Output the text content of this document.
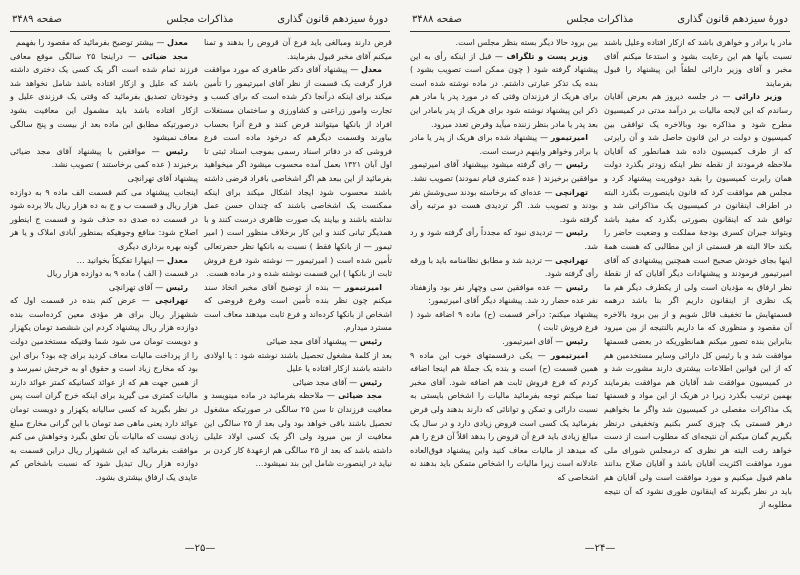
دورهٔ سیزدهم قانون گذاری
مذاکرات مجلس
صفحه ۳۴۸۹

قرض دارند ومبالغی باید فرع آن قروض را بدهند و تمنا میکنم آقای مخبر قبول بفرمایند.

معدل — پیشنهاد آقای دکتر طاهری که مورد موافقت قرار گرفت یک قسمت از نظر آقای امیرتیمور را تأمین میکند برای اینکه درآنجا ذکر شده است که برای کسب و تجارت وامور زراعتی و کشاورزی و ساختمان مستغلات افراد از بانکها میتوانند قرض کنند و فرع آنرا بحساب بیاورند وقسمت دیگرهم که درخود ماده است فرع فروشی که در دفاتر اسناد رسمی بموجب اسناد ثبتی تا اول آبان ۱۳۲۱ بعمل آمده محسوب میشود اگر میخواهید بفرمائید از این ببعد هم اگر اشخاصی بافراد قرضی داشته باشند محسوب شود ایجاد اشکال میکند برای اینکه ممکنست یک اشخاصی باشند که چندان حسن عمل نداشته باشند و بیایند یک صورت ظاهری درست کنند و با همدیگر تبانی کنند و این کار برخلاف منظور است ( امیر تیمور — از بانکها فقط ) نسبت به بانکها نظر حضرتعالی تأمین شده است ( امیرتیمور — نوشته شود فرع فروش ثابت از بانکها ) این قسمت نوشته شده و در ماده هست.

امیرتیمور — بنده از توضیح آقای مخبر اتخاذ سند میکنم چون نظر بنده تأمین است وفرع قروضی که اشخاص از بانکها کرده‌اند و فرع ثابت میدهند معاف است مسترد میدارم.

رئیس — پیشنهاد آقای مجد ضیائی

بعد از کلمهٔ مشغول تحصیل باشند نوشته شود : یا اولادی داشته باشند ازکار افتاده یا علیل

رئیس — آقای مجد ضیائی

مجد ضیائی — ملاحظه بفرمائید در ماده مینویسد و معافیت فرزندان تا سن ۲۵ سالگی در صورتیکه مشغول تحصیل باشند باقی خواهد بود ولی بعد از ۲۵ سالگی این معافیت از بین میرود ولی اگر یک کسی اولاد علیلی داشته باشد که بعد از ۲۵ سالگی هم ازعهدهٔ کار کردن بر نیاید در اینصورت شامل این بند نمیشود…

معدل — بیشتر توضیح بفرمائید که مقصود را بفهمم

مجد ضیائی — دراینجا ۲۵ سالگی موقع معافی فرزند تمام شده است اگر یک کسی یک دختری داشته باشد که علیل و ازکار افتاده باشد شامل نخواهد شد وخودتان تصدیق بفرمائید که وقتی یک فرزندی علیل و ازکار افتاده باشد باید مشمول این معافیت بشود درصورتیکه مطابق این ماده بعد از بیست و پنج سالگی معاف نمیشود

رئیس — موافقین با پیشنهاد آقای مجد ضیائی برخیزند ( عده کمی برخاستند ) تصویب نشد.

پیشنهاد آقای تهرانچی

اینجانب پیشنهاد می کنم قسمت الف ماده ۹ به دوازده هزار ریال و قسمت ب و ج به ده هزار ریال بالا برده شود در قسمت ده صدی ده حذف شود و قسمت ج اینطور اصلاح شود: منافع وجوهیکه بمنظور آبادی املاک و یا هر گونه بهره برداری دیگری

معدل — اینهارا تفکیکاً بخوانید …

در قسمت ( الف ) ماده ۹ به دوازده هزار ریال

رئیس — آقای تهرانچی

تهرانچی — عرض کنم بنده در قسمت اول که ششهزار ریال برای هر مؤدی معین کرده‌است بنده دوازده هزار ریال پیشنهاد کردم این ششصد تومان یکهزار و دویست تومان می شود شما وقتیکه مستخدمین دولت را از پرداخت مالیات معاف کردید برای چه بود؟ برای این بود که مخارج زیاد است و حقوق او به خرجش نمیرسد و از همین جهت هم که از عوائد کسانیکه کمتر عوائد دارند مالیات کمتری می گیرید برای اینکه خرج گران است پس در نظر بگیرید که کسی سالیانه یکهزار و دویست تومان عوائد دارد یعنی ماهی صد تومان با این گرانی مخارج مبلغ زیادی نیست که مالیات بآن تعلق بگیرد وخواهش می کنم موافقت بفرمائید که این ششهزار ریال دراین قسمت به دوازده هزار ریال تبدیل شود که نسبت باشخاص کم عایدی یک ارفاق بیشتری بشود.

—۲۵—
دورهٔ سیزدهم قانون گذاری
مذاکرات مجلس
صفحه ۳۴۸۸

مادر یا برادر و خواهری باشد که ازکار افتاده وعلیل باشند نسبت بآنها هم این رعایت بشود و استدعا میکنم آقای مخبر و آقای وزیر دارائی لطفاً این پیشنهاد را قبول بفرمایند

وزیر دارائی — در جلسه دیروز هم بعرض آقایان رساندم که این لایحه مالیات بر درآمد مدتی در کمیسیون مطرح شود و مذاکره بود وبالاخره یک توافقی بین کمیسیون و دولت در این قانون حاصل شد و آن رایرتی که از طرف کمیسیون داده شد همانطور که آقایان ملاحظه فرمودند از نقطه نظر اینکه زودتر بگذرد دولت همان رایرت کمیسیون را بقید دوفوریت پیشنهاد کرد و مجلس هم موافقت کرد که قانون باینصورت بگذرد البته در اطراف اینقانون در کمیسیون یک مذاکراتی شد و توافق شد که اینقانون بصورتی بگذرد که مفید باشد وبتواند جبران کسری بودجهٔ مملکت و وضعیت حاضر را بکند حالا البته هر قسمتی از این مطالبی که هست همهٔ اینها بجای خودش صحیح است همچنین پیشنهادی که آقای امیرتیمور فرمودند و پیشنهادات دیگر آقایان که از نقطهٔ نظر ارفاق به مؤدیان است ولی از یکطرف دیگر هم ما یک نظری از اینقانون داریم اگر بنا باشد درهمه قسمتهایش ما تخفیف قائل شویم و از بین برود بالاخره آن مقصود و منظوری که ما داریم بالنتیجه از بین میرود بنابراین بنده تصور میکنم همانطوریکه در بعضی قسمتها موافقت شد و با رئیس کل دارائی وسایر مستخدمین هم که از این قوانین اطلاعات بیشتری دارند مشورت شد و در کمیسیون موافقت شد آقایان هم موافقت بفرمایند بهمین ترتیب بگذرد زیرا در هریک از این مواد و قسمتها یک مذاکرات مفصلی در کمیسیون شد واگر ما بخواهیم درهر قسمتی یک چیزی کسر بکنیم وتخفیفی درنظر بگیریم گمان میکنم آن نتیجه‌ای که مطلوب است از دست خواهد رفت البته هر نظری که درمجلس شورای ملی مورد موافقت اکثریت آقایان باشد و آقایان صلاح بدانند ماهم قبول میکنیم و مورد موافقت است ولی آقایان هم باید در نظر بگیرند که اینقانون طوری نشود که آن نتیجه مطلوبه از

بین برود حالا دیگر بسته بنظر مجلس است.

وزیر پست و تلگراف — قبل از اینکه رأی به این پیشنهاد گرفته شود ( چون ممکن است تصویب بشود ) بنده یک تذکر عبارتی داشتم. در ماده نوشته شده است برای هریک از فرزندان وقتی که در مورد پدر یا مادر هم ذکر این پیشنهاد نوشته شود برای هریک از پدر یامادر این بعد پدر یا مادر بنظر زننده میآید وفرض تعدد میرود.

امیرتیمور — پیشنهاد شده برای هریک از پدر یا مادر یا برادر وخواهر واینهم درست است.

رئیس — رای گرفته میشود بپیشنهاد آقای امیرتیمور موافقین برخیزند ( عده کمتری قیام نمودند) تصویب نشد.

تهرانچی — عده‌ای که برخاسته بودند سی‌وشش نفر بودند و تصویب شد. اگر تردیدی هست دو مرتبه رأی گرفته شود.

رئیس — تردیدی نبود که مجدداً رأی گرفته شود و رد شد.

تهرانچی — تردید شد و مطابق نظامنامه باید با ورقه رأی گرفته شود.

رئیس — عده موافقین سی وچهار نفر بود وازهفتاد نفر عده حضار رد شد. پیشنهاد دیگر آقای امیرتیمور:

پیشنهاد میکنم: درآخر قسمت (ح) ماده ۹ اضافه شود ( فرع فروش ثابت )

رئیس — آقای امیرتیمور.

امیرتیمور — یکی درقسمتهای خوب این ماده ۹ همین قسمت (ح) است و بنده یک جملهٔ هم اینجا اضافه کردم که فرع فروش ثابت هم اضافه شود. آقای مخبر تمنا میکنم توجه بفرمائید مالیات را اشخاص بایستی به نسبت دارائی و تمکن و توانائی که دارند بدهند ولی فرض بفرمائید یک کسی است قروض زیادی دارد و در سال یک مبالغ زیادی باید فرع آن قروض را بدهد اقلاً آن فرع را هم که میدهد از مالیات معاف کنید واین پیشنهاد فوق‌العاده عادلانه است زیرا مالیات را اشخاص متمکن باید بدهند نه اشخاصی که

—۲۴—
